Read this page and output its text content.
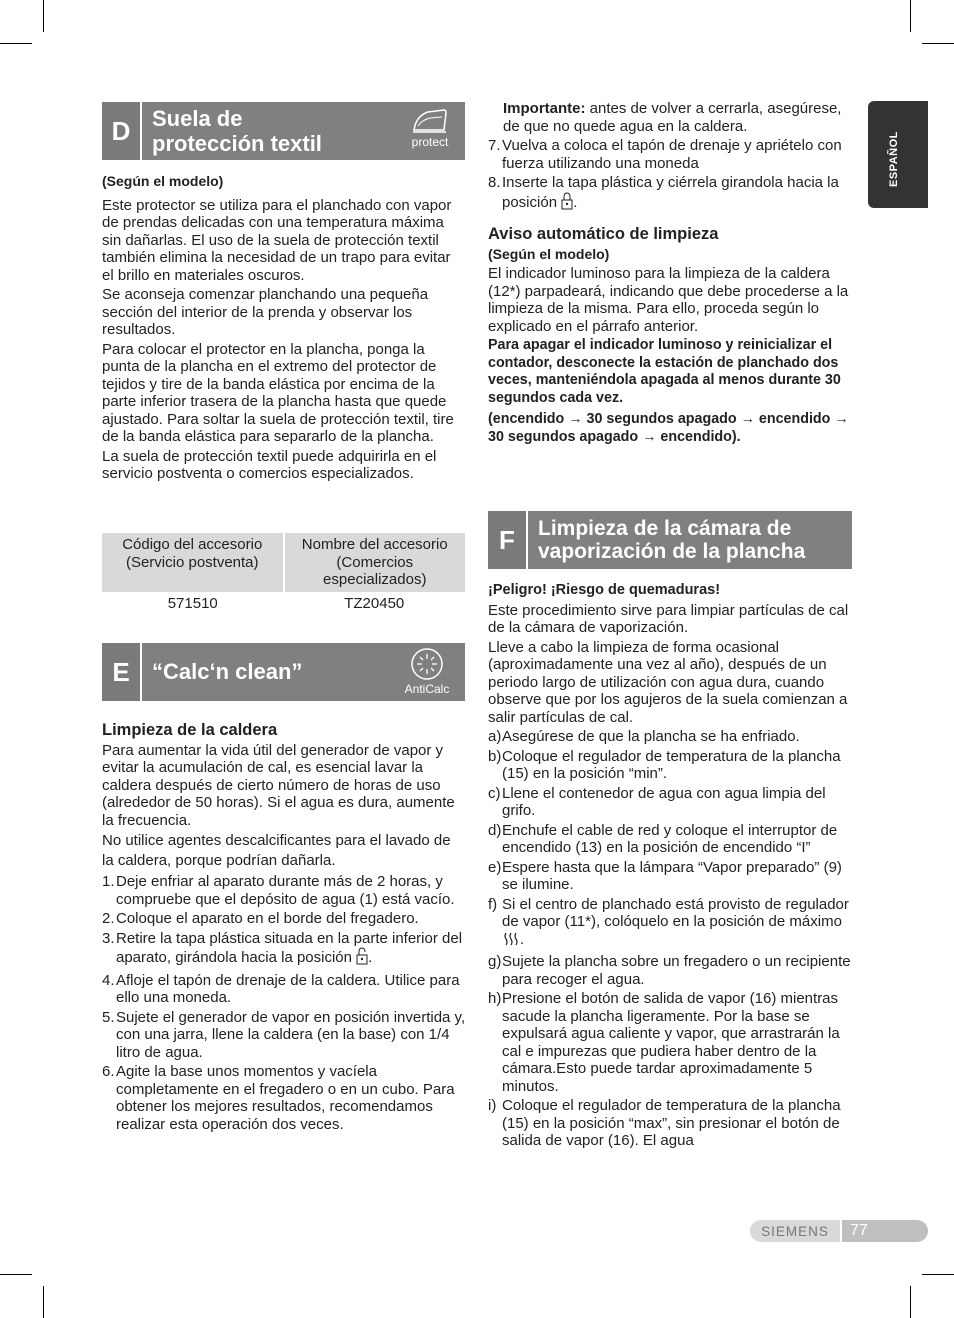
ESPAÑOL
D Suela de
protección textil	protect

(Según el modelo)

Este protector se utiliza para el planchado con vapor de prendas delicadas con una temperatura máxima sin dañarlas. El uso de la suela de protección textil también elimina la necesidad de un trapo para evitar el brillo en materiales oscuros.

Se aconseja comenzar planchando una pequeña sección del interior de la prenda y observar los resultados.

Para colocar el protector en la plancha, ponga la punta de la plancha en el extremo del protector de tejidos y tire de la banda elástica por encima de la parte inferior trasera de la plancha hasta que quede ajustado. Para soltar la suela de protección textil, tire de la banda elástica para separarlo de la plancha.

La suela de protección textil puede adquirirla en el servicio postventa o comercios especializados.

Código del accesorio (Servicio postventa)	Nombre del accesorio (Comercios especializados)
571510	TZ20450
E	“Calc‘n clean”
AntiCalc

Limpieza de la caldera

Para aumentar la vida útil del generador de vapor y evitar la acumulación de cal, es esencial lavar la caldera después de cierto número de horas de uso (alrededor de 50 horas). Si el agua es dura, aumente la frecuencia.

No utilice agentes descalcificantes para el lavado de la caldera, porque podrían dañarla.

1. Deje enfriar al aparato durante más de 2 horas, y compruebe que el depósito de agua (1) está vacío.
2. Coloque el aparato en el borde del fregadero.
3. Retire la tapa plástica situada en la parte inferior del aparato, girándola hacia la posición .
4. Afloje el tapón de drenaje de la caldera. Utilice para ello una moneda.
5. Sujete el generador de vapor en posición invertida y, con una jarra, llene la caldera (en la base) con 1/4 litro de agua.
6. Agite la base unos momentos y vacíela completamente en el fregadero o en un cubo. Para obtener los mejores resultados, recomendamos realizar esta operación dos veces.

Importante: antes de volver a cerrarla, asegúrese, de que no quede agua en la caldera.

7. Vuelva a coloca el tapón de drenaje y apriételo con fuerza utilizando una moneda
8. Inserte la tapa plástica y ciérrela girandola hacia la posición .

Aviso automático de limpieza

(Según el modelo)

El indicador luminoso para la limpieza de la caldera (12*) parpadeará, indicando que debe procederse a la limpieza de la misma. Para ello, proceda según lo explicado en el párrafo anterior.

Para apagar el indicador luminoso y reinicializar el contador, desconecte la estación de planchado dos veces, manteniéndola apagada al menos durante 30 segundos cada vez.

(encendido → 30 segundos apagado → encendido → 30 segundos apagado → encendido).

F	Limpieza de la cámara de
vaporización de la plancha

¡Peligro! ¡Riesgo de quemaduras!

Este procedimiento sirve para limpiar partículas de cal de la cámara de vaporización.

Lleve a cabo la limpieza de forma ocasional (aproximadamente una vez al año), después de un periodo largo de utilización con agua dura, cuando observe que por los agujeros de la suela comienzan a salir partículas de cal.

a) Asegúrese de que la plancha se ha enfriado.
b) Coloque el regulador de temperatura de la plancha (15) en la posición “min”.
c) Llene el contenedor de agua con agua limpia del grifo.
d) Enchufe el cable de red y coloque el interruptor de encendido (13) en la posición de encendido “I”
e) Espere hasta que la lámpara “Vapor preparado” (9) se ilumine.
f) Si el centro de planchado está provisto de regulador de vapor (11*), colóquelo en la posición de máximo .
g) Sujete la plancha sobre un fregadero o un recipiente para recoger el agua.
h) Presione el botón de salida de vapor (16) mientras sacude la plancha ligeramente. Por la base se expulsará agua caliente y vapor, que arrastrarán la cal e impurezas que pudiera haber dentro de la cámara.Esto puede tardar aproximadamente 5 minutos.
i) Coloque el regulador de temperatura de la plancha (15) en la posición “max”, sin presionar el botón de salida de vapor (16). El agua
SIEMENS	77
